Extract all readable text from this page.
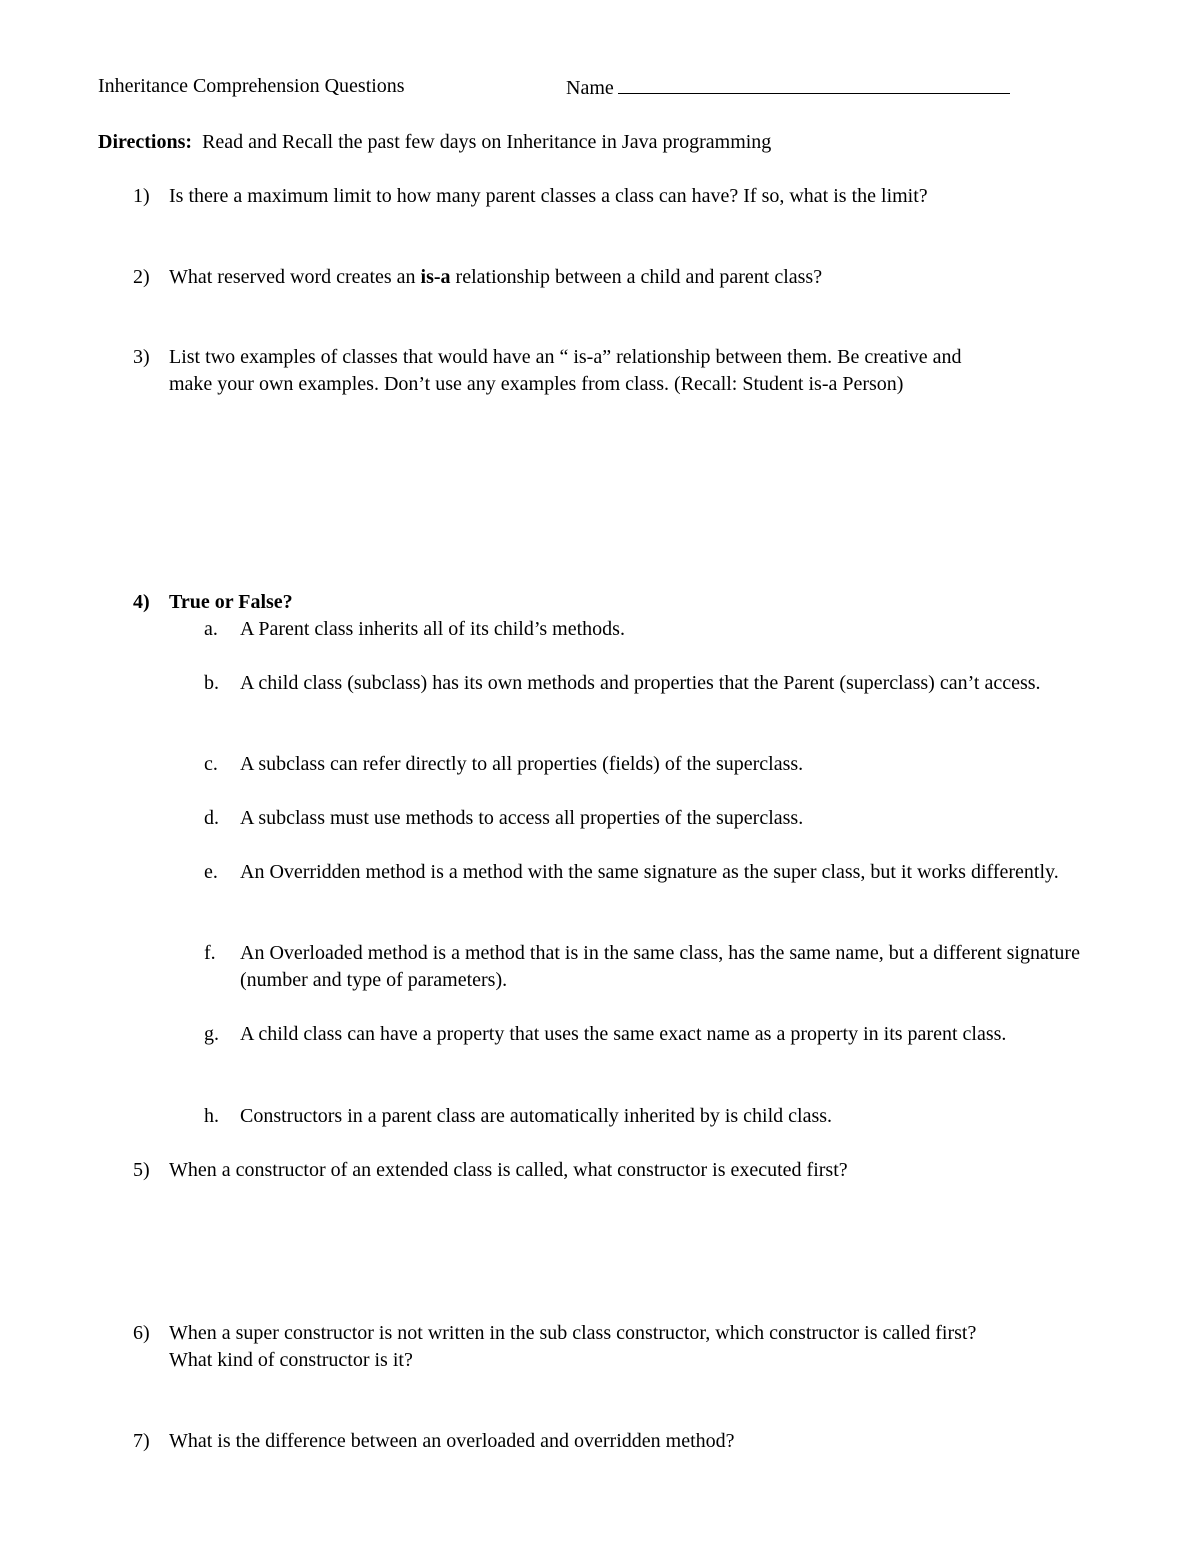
Inheritance Comprehension Questions	Name
Directions: Read and Recall the past few days on Inheritance in Java programming
1) Is there a maximum limit to how many parent classes a class can have? If so, what is the limit?
2) What reserved word creates an is-a relationship between a child and parent class?
3) List two examples of classes that would have an “ is-a” relationship between them. Be creative and
make your own examples. Don’t use any examples from class. (Recall: Student is-a Person)
4) True or False?
a. A Parent class inherits all of its child’s methods.
b. A child class (subclass) has its own methods and properties that the Parent (superclass) can’t access.
c. A subclass can refer directly to all properties (fields) of the superclass.
d. A subclass must use methods to access all properties of the superclass.
e. An Overridden method is a method with the same signature as the super class, but it works differently.
f. An Overloaded method is a method that is in the same class, has the same name, but a different signature (number and type of parameters).
g. A child class can have a property that uses the same exact name as a property in its parent class.
h. Constructors in a parent class are automatically inherited by is child class.
5) When a constructor of an extended class is called, what constructor is executed first?
6) When a super constructor is not written in the sub class constructor, which constructor is called first?
What kind of constructor is it?
7) What is the difference between an overloaded and overridden method?
